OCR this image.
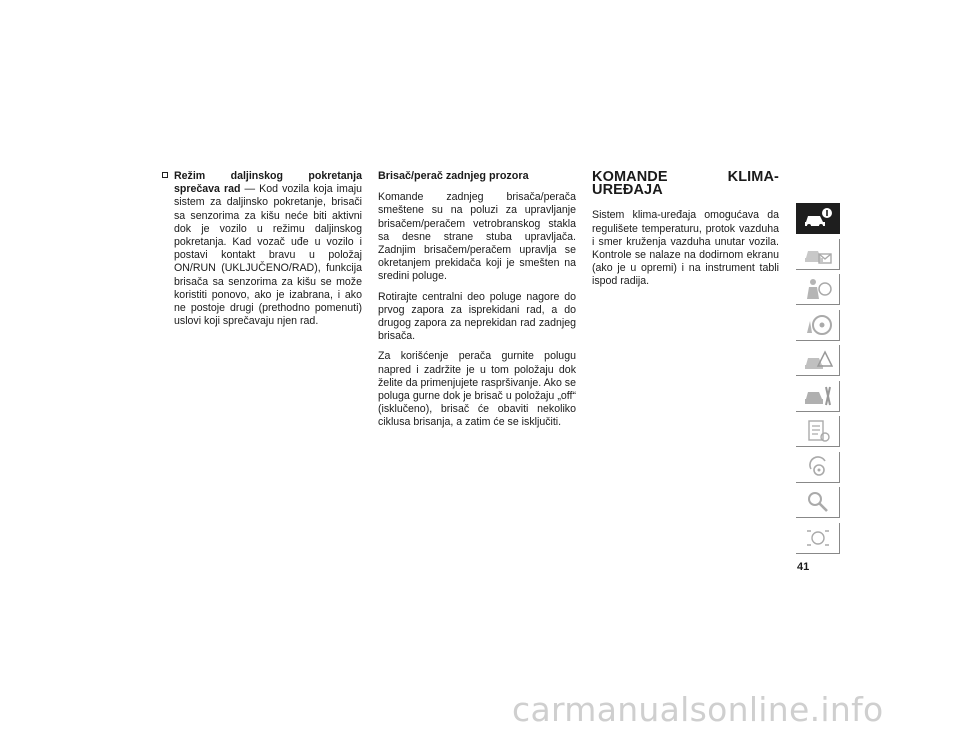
Režim daljinskog pokretanja sprečava rad — Kod vozila koja imaju sistem za daljinsko pokretanje, brisači sa senzorima za kišu neće biti aktivni dok je vozilo u režimu daljinskog pokretanja. Kad vozač uđe u vozilo i postavi kontakt bravu u položaj ON/RUN (UKLJUČENO/RAD), funkcija brisača sa senzorima za kišu se može koristiti ponovo, ako je izabrana, i ako ne postoje drugi (prethodno pomenuti) uslovi koji sprečavaju njen rad.
Brisač/perač zadnjeg prozora

Komande zadnjeg brisača/perača smeštene su na poluzi za upravljanje brisačem/peračem vetrobranskog stakla sa desne strane stuba upravljača. Zadnjim brisačem/peračem upravlja se okretanjem prekidača koji je smešten na sredini poluge.

Rotirajte centralni deo poluge nagore do prvog zapora za isprekidani rad, a do drugog zapora za neprekidan rad zadnjeg brisača.

Za korišćenje perača gurnite polugu napred i zadržite je u tom položaju dok želite da primenjujete raspršivanje. Ako se poluga gurne dok je brisač u položaju „off“ (isklučeno), brisač će obaviti nekoliko ciklusa brisanja, a zatim će se isključiti.

KOMANDE KLIMA-UREĐAJA

Sistem klima-uređaja omogućava da regulišete temperaturu, protok vazduha i smer kruženja vazduha unutar vozila. Kontrole se nalaze na dodirnom ekranu (ako je u opremi) i na instrument tabli ispod radija.

41
carmanualsonline.info
